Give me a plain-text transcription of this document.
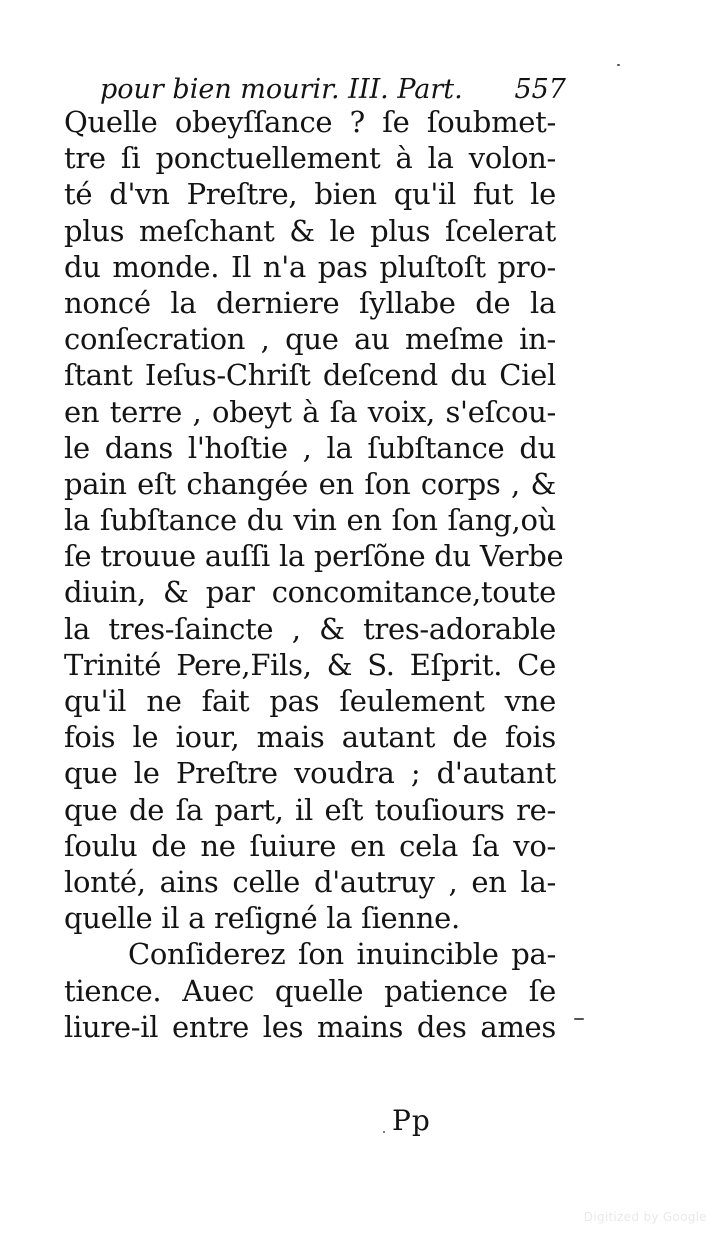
pour bien mourir. III. Part. 557
Quelle obeyſſance ? ſe ſoubmet-
tre ſi ponctuellement à la volon-
té d'vn Preſtre, bien qu'il fut le
plus meſchant & le plus ſcelerat
du monde. Il n'a pas pluſtoſt pro-
noncé la derniere ſyllabe de la
conſecration , que au meſme in-
ſtant Ieſus-Chriſt deſcend du Ciel
en terre , obeyt à ſa voix, s'eſcou-
le dans l'hoſtie , la ſubſtance du
pain eſt changée en ſon corps , &
la ſubſtance du vin en ſon ſang,où
ſe trouue auſſi la perſõne du Verbe
diuin, & par concomitance,toute
la tres-ſaincte , & tres-adorable
Trinité Pere,Fils, & S. Eſprit. Ce
qu'il ne fait pas ſeulement vne
fois le iour, mais autant de fois
que le Preſtre voudra ; d'autant
que de ſa part, il eſt touſiours re-
ſoulu de ne ſuiure en cela ſa vo-
lonté, ains celle d'autruy , en la-
quelle il a reſigné la ſienne.
Conſiderez ſon inuincible pa-
tience. Auec quelle patience ſe
liure-il entre les mains des ames
Pp
Digitized by Google
